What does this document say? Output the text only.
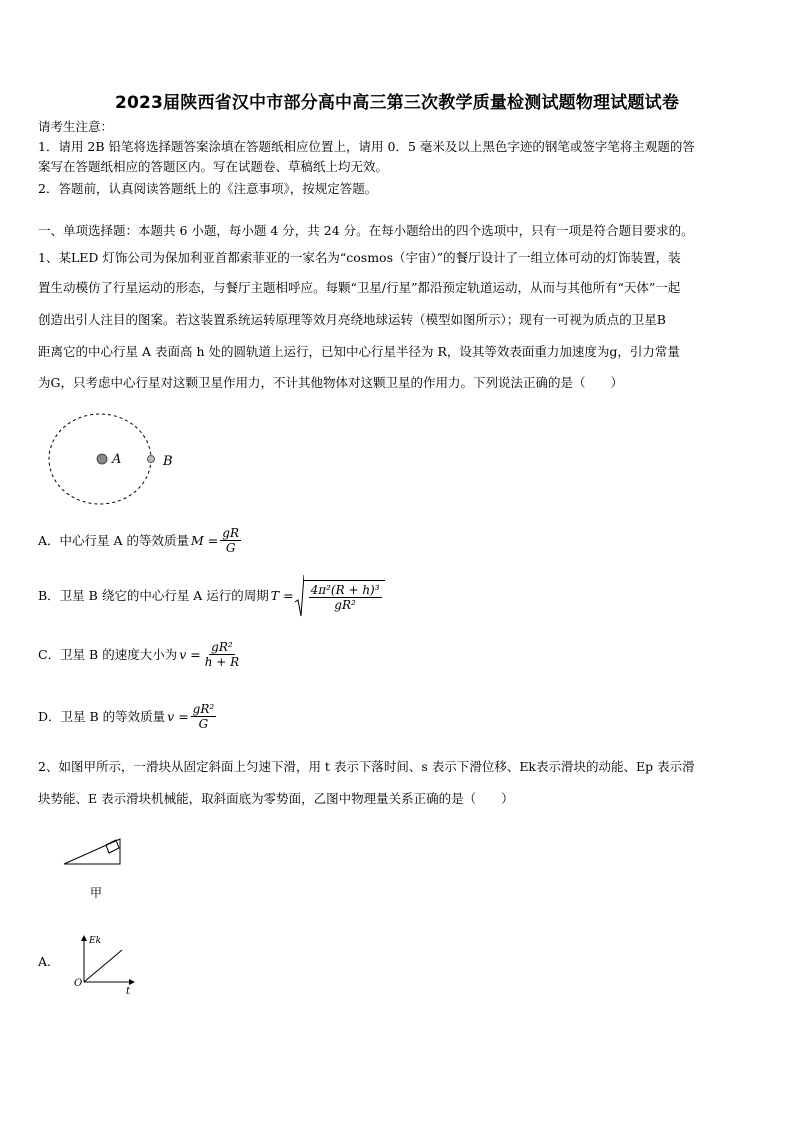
2023届陕西省汉中市部分高中高三第三次教学质量检测试题物理试题试卷
请考生注意：
1．请用 2B 铅笔将选择题答案涂填在答题纸相应位置上，请用 0．5 毫米及以上黑色字迹的钢笔或签字笔将主观题的答
案写在答题纸相应的答题区内。写在试题卷、草稿纸上均无效。
2．答题前，认真阅读答题纸上的《注意事项》，按规定答题。
一、单项选择题：本题共 6 小题，每小题 4 分，共 24 分。在每小题给出的四个选项中，只有一项是符合题目要求的。
1、某LED 灯饰公司为保加利亚首都索菲亚的一家名为“cosmos（宇宙）”的餐厅设计了一组立体可动的灯饰装置，装
置生动模仿了行星运动的形态，与餐厅主题相呼应。每颗“卫星/行星”都沿预定轨道运动，从而与其他所有“天体”一起
创造出引人注目的图案。若这装置系统运转原理等效月亮绕地球运转（模型如图所示）；现有一可视为质点的卫星B
距离它的中心行星 A 表面高 h 处的圆轨道上运行，已知中心行星半径为 R，设其等效表面重力加速度为g，引力常量
为G，只考虑中心行星对这颗卫星作用力，不计其他物体对这颗卫星的作用力。下列说法正确的是（　　）
A	B
A．中心行星 A 的等效质量 $M = \frac{gR}{G}$
B．卫星 B 绕它的中心行星 A 运行的周期 $T = \frac{\text{4π²(R + h)³}}{\text{gR²}}$
C．卫星 B 的速度大小为 $v = \frac{\text{gR²}}{h + R}$
D．卫星 B 的等效质量 $v = \frac{\text{gR²}}{G}$
2、如图甲所示，一滑块从固定斜面上匀速下滑，用 t 表示下落时间、s 表示下滑位移、Ek表示滑块的动能、Ep 表示滑
块势能、E 表示滑块机械能，取斜面底为零势面，乙图中物理量关系正确的是（　　）
甲
A.
Ek
t
O
